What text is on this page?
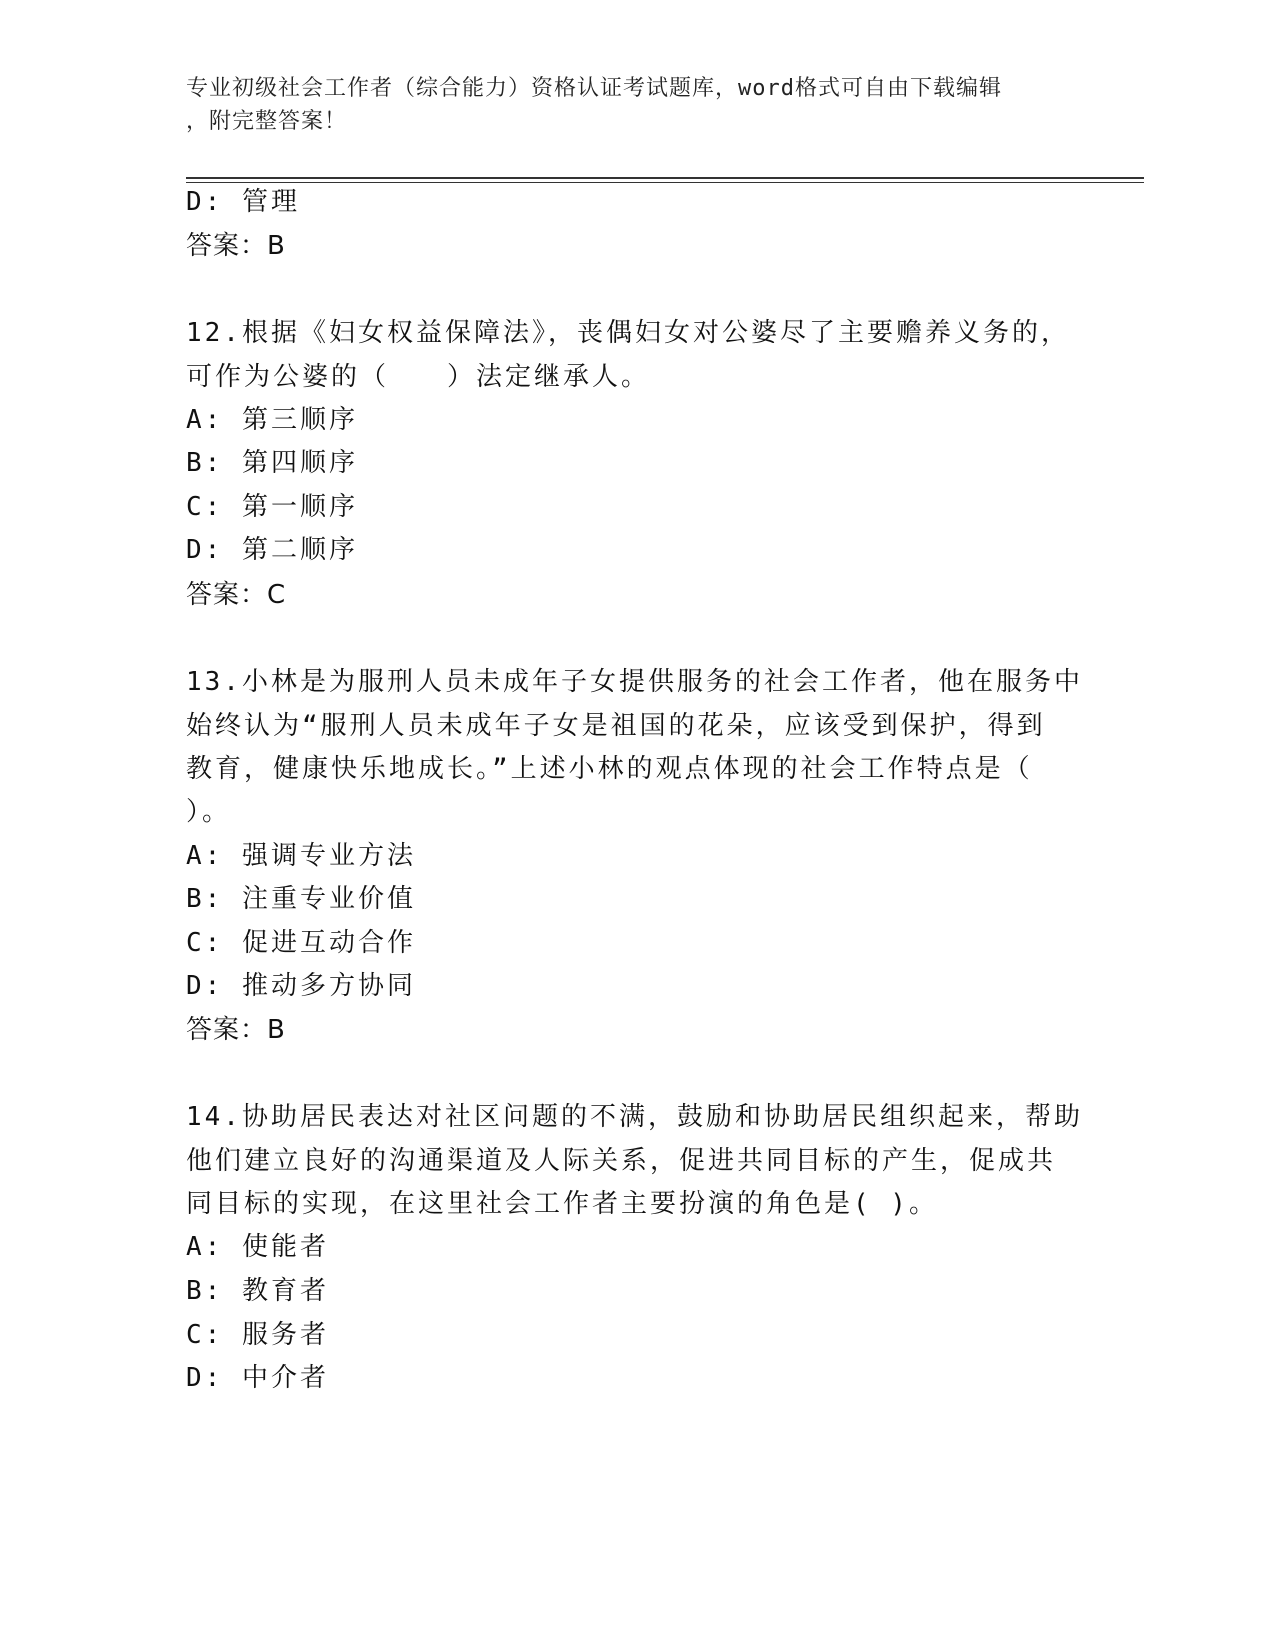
专业初级社会工作者（综合能力）资格认证考试题库，word格式可自由下载编辑
，附完整答案！
D: 管理
答案：B
12.根据《妇女权益保障法》，丧偶妇女对公婆尽了主要赡养义务的，
可作为公婆的（　　）法定继承人。
A: 第三顺序
B: 第四顺序
C: 第一顺序
D: 第二顺序
答案：C
13.小林是为服刑人员未成年子女提供服务的社会工作者，他在服务中
始终认为“服刑人员未成年子女是祖国的花朵，应该受到保护，得到
教育，健康快乐地成长。”上述小林的观点体现的社会工作特点是（
）。
A: 强调专业方法
B: 注重专业价值
C: 促进互动合作
D: 推动多方协同
答案：B
14.协助居民表达对社区问题的不满，鼓励和协助居民组织起来，帮助
他们建立良好的沟通渠道及人际关系，促进共同目标的产生，促成共
同目标的实现，在这里社会工作者主要扮演的角色是( )。
A: 使能者
B: 教育者
C: 服务者
D: 中介者
